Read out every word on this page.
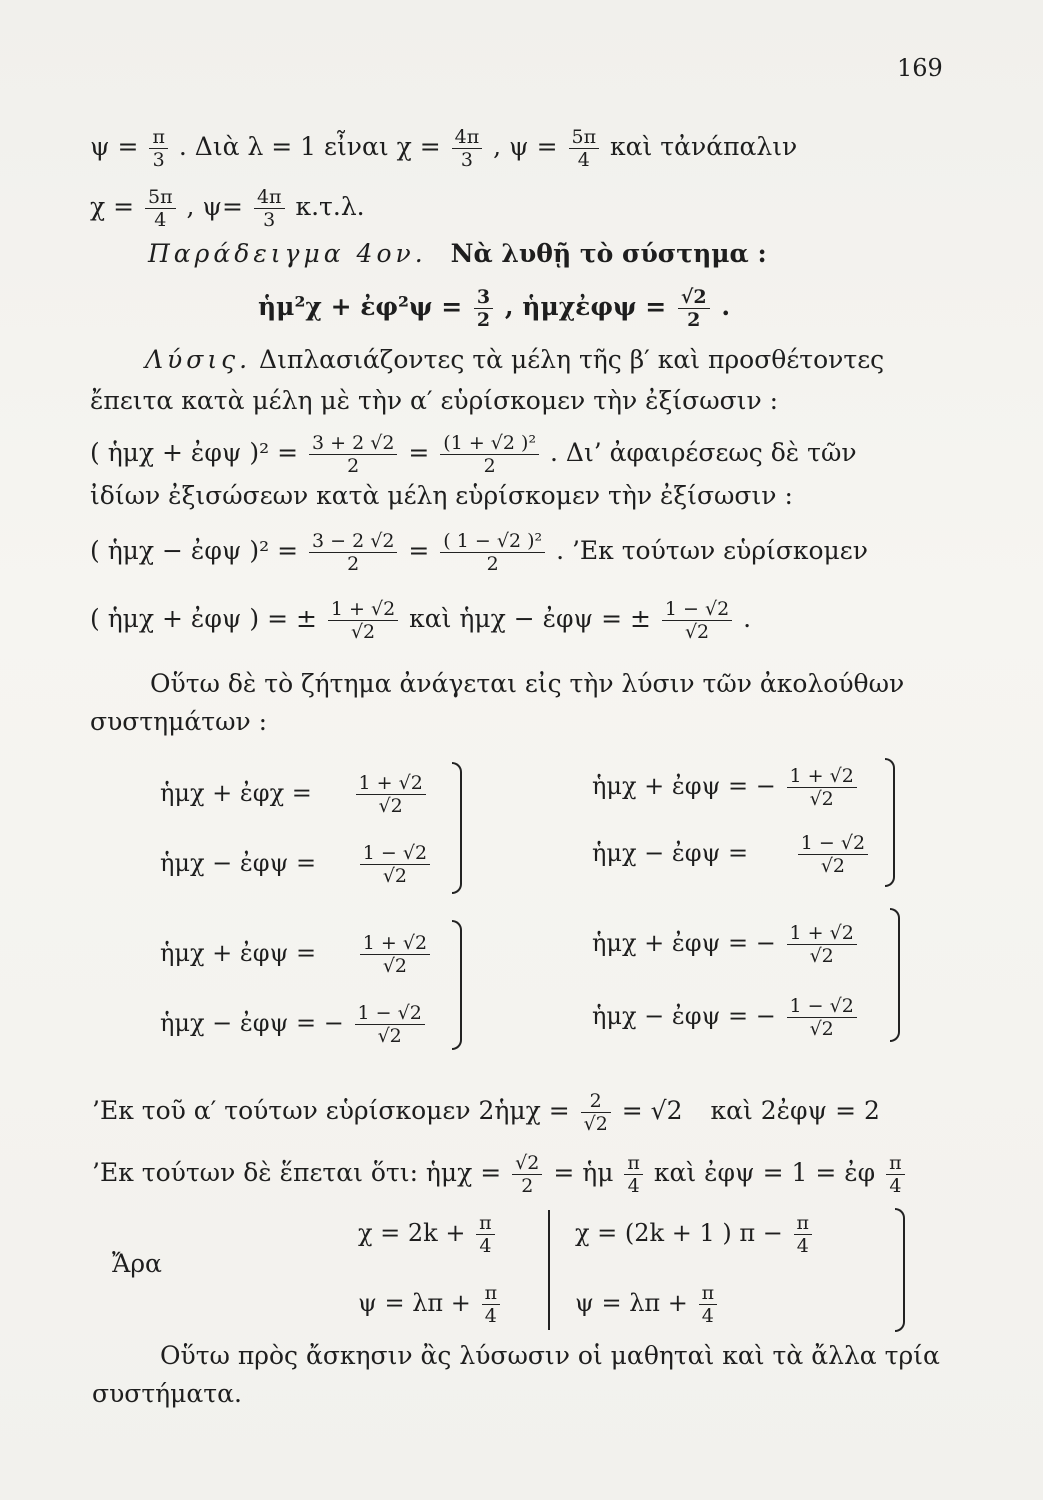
169
$\psi = \frac{\pi}{3}$ . Διὰ λ = 1 εἶναι $\chi = \frac{4\pi}{3}$ , $\psi = \frac{5\pi}{4}$ καὶ τἀνάπαλιν
$\chi = \frac{5\pi}{4}$ , $\psi= \frac{4\pi}{3} \kappa.\tau.\lambda$.
Παράδειγμα 4ον. Νὰ λυθῇ τὸ σύστημα :
ἡμ²χ + ἐφ²ψ = $\frac{3}{2}$ , ἡμχἐφψ = $\frac{√2}{2}$ .
Λύσις. Διπλασιάζοντες τὰ μέλη τῆς β′ καὶ προσθέτοντες
ἔπειτα κατὰ μέλη μὲ τὴν α′ εὑρίσκομεν τὴν ἐξίσωσιν :
( ἡμχ + ἐφψ )$^2 = \frac{3 + 2 √2}{2} = \frac{\text{(1 + √2 )²}}{2}$ . Δι’ ἀφαιρέσεως δὲ τῶν
ἰδίων ἐξισώσεων κατὰ μέλη εὑρίσκομεν τὴν ἐξίσωσιν :
( ἡμχ − ἐφψ )$^2 = \frac{3 - 2 √2}{2} = \frac{\text{( 1 − √2 )²}}{2}$ . ’Εκ τούτων εὑρίσκομεν
( ἡμχ + ἐφψ ) = ± $\frac{1 + √2}{√2}$ καὶ ἡμχ − ἐφψ = ± $\frac{1 - √2}{√2}$ .
Οὕτω δὲ τὸ ζήτημα ἀνάγεται εἰς τὴν λύσιν τῶν ἀκολούθων
συστημάτων :
ἡμχ + ἐφχ = $\frac{1 + √2}{√2}$
ἡμχ − ἐφψ = $\frac{1 - √2}{√2}$
ἡμχ + ἐφψ = − $\frac{1 + √2}{√2}$
ἡμχ − ἐφψ =	$\frac{1 - √2}{√2}$
ἡμχ + ἐφψ = $\frac{1 + √2}{√2}$
ἡμχ − ἐφψ = − $\frac{1 - √2}{√2}$
ἡμχ + ἐφψ = − $\frac{1 + √2}{√2}$
ἡμχ − ἐφψ = − $\frac{1 - √2}{√2}$
’Εκ τοῦ α′ τούτων εὑρίσκομεν 2ἡμχ = $\frac{2}{√2} = √2$ καὶ 2ἐφψ = 2
’Εκ τούτων δὲ ἕπεται ὅτι: ἡμχ = $\frac{√2}{2}$ = ἡμ $\frac{\pi}{4}$ καὶ ἐφψ = 1 = ἐφ $\frac{\pi}{4}$
Ἄρα
$\chi = 2k + \frac{\pi}{4}$
$\psi = \lambda\pi + \frac{\pi}{4}$
χ = (2k + 1 ) $\pi - \frac{\pi}{4}$
$\psi = \lambda\pi + \frac{\pi}{4}$
Οὕτω πρὸς ἄσκησιν ἂς λύσωσιν οἱ μαθηταὶ καὶ τὰ ἄλλα τρία
συστήματα.
